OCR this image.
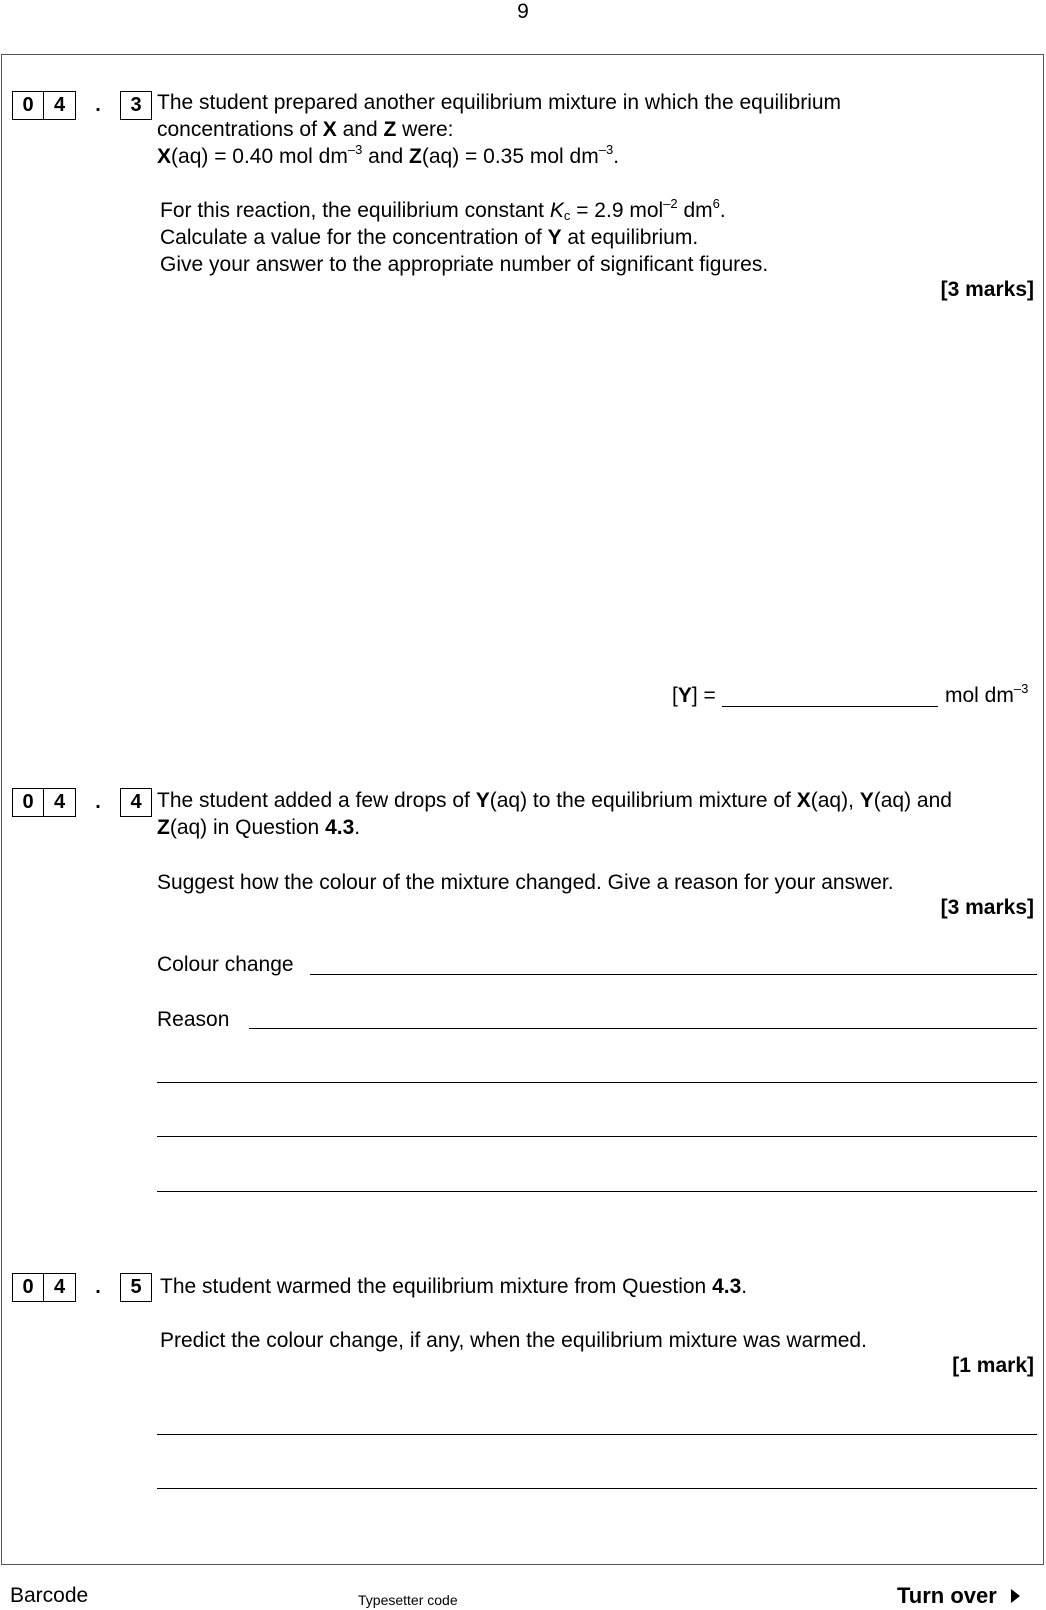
9
0	4	.	3 The student prepared another equilibrium mixture in which the equilibrium
concentrations of X and Z were:
X(aq) = 0.40 mol $dm^{-3}$ and Z(aq) = 0.35 mol $dm^{-3}$.
For this reaction, the equilibrium constant $K_c = 2.9$ mol$^{-2}$ $dm^6$.
Calculate a value for the concentration of Y at equilibrium.
Give your answer to the appropriate number of significant figures.
[3 marks]
[Y] =	mol $dm^{-3}$
0	4	.	4 The student added a few drops of Y(aq) to the equilibrium mixture of X(aq), Y(aq) and
Z(aq) in Question 4.3.
Suggest how the colour of the mixture changed. Give a reason for your answer.
[3 marks]
Colour change
Reason
0	4	.	5 The student warmed the equilibrium mixture from Question 4.3.
Predict the colour change, if any, when the equilibrium mixture was warmed.
[1 mark]
Barcode	Typesetter code	Turn over
